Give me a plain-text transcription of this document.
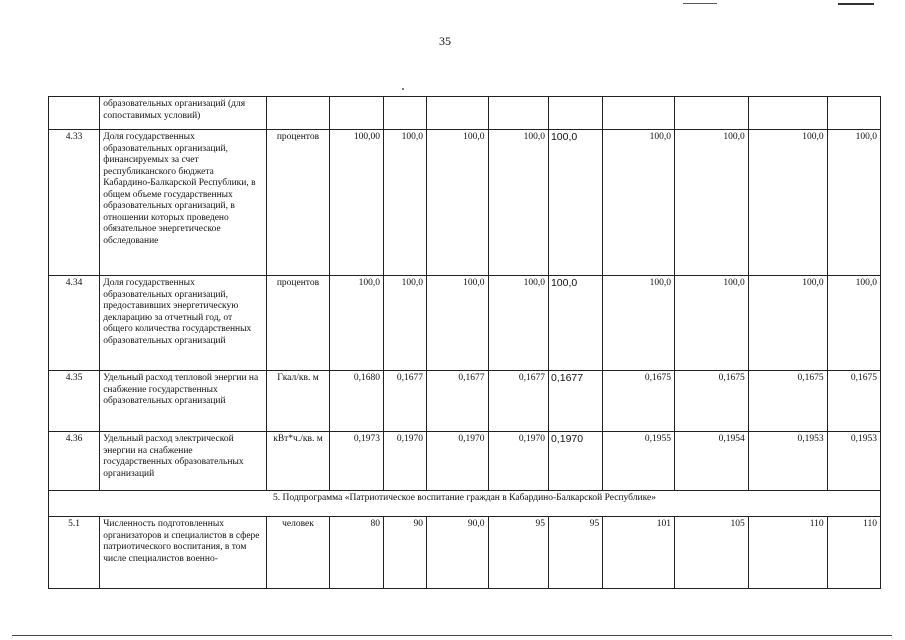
35
	образовательных организаций (для сопоставимых условий)										
4.33	Доля государственных образовательных организаций, финансируемых за счет республиканского бюджета Кабардино-Балкарской Республики, в общем объеме государственных образовательных организаций, в отношении которых проведено обязательное энергетическое обследование	процентов	100,00	100,0	100,0	100,0	100,0	100,0	100,0	100,0	100,0
4.34	Доля государственных образовательных организаций, предоставивших энергетическую декларацию за отчетный год, от общего количества государственных образовательных организаций	процентов	100,0	100,0	100,0	100,0	100,0	100,0	100,0	100,0	100,0
4.35	Удельный расход тепловой энергии на снабжение государственных образовательных организаций	Гкал/кв. м	0,1680	0,1677	0,1677	0,1677	0,1677	0,1675	0,1675	0,1675	0,1675
4.36	Удельный расход электрической энергии на снабжение государственных образовательных организаций	кВт*ч./кв. м	0,1973	0,1970	0,1970	0,1970	0,1970	0,1955	0,1954	0,1953	0,1953
5. Подпрограмма «Патриотическое воспитание граждан в Кабардино-Балкарской Республике»											
5.1	Численность подготовленных организаторов и специалистов в сфере патриотического воспитания, в том числе специалистов военно-	человек	80	90	90,0	95	95	101	105	110	110
